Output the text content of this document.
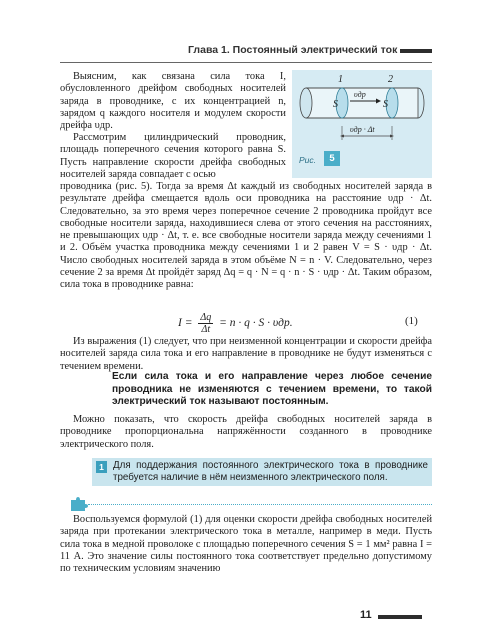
Глава 1. Постоянный электрический ток
Выясним, как связана сила тока I, обусловленного дрейфом свободных носителей заряда в проводнике, с их концентрацией n, зарядом q каждого носителя и модулем скорости дрейфа υдр.
Рассмотрим цилиндрический проводник, площадь поперечного сечения которого равна S. Пусть направление скорости дрейфа свободных носителей заряда совпадает с осью
1	2
S	S
υдр
υдр · Δt
Рис.	5
проводника (рис. 5). Тогда за время Δt каждый из свободных носителей заряда в результате дрейфа смещается вдоль оси проводника на расстояние υдр · Δt. Следовательно, за это время через поперечное сечение 2 проводника пройдут все свободные носители заряда, находившиеся слева от этого сечения на расстояниях, не превышающих υдр · Δt, т. е. все свободные носители заряда между сечениями 1 и 2. Объём участка проводника между сечениями 1 и 2 равен V = S · υдр · Δt. Число свободных носителей заряда в этом объёме N = n · V. Следовательно, через сечение 2 за время Δt пройдёт заряд Δq = q · N = q · n · S · υдр · Δt. Таким образом, сила тока в проводнике равна:
$I = \frac{\Delta q}{\Delta t} = n \cdot q \cdot S \cdot \upsilon др$.	(1)
Из выражения (1) следует, что при неизменной концентрации и скорости дрейфа носителей заряда сила тока и его направление в проводнике не будут изменяться с течением времени.
Если сила тока и его направление через любое сечение проводника не изменяются с течением времени, то такой электрический ток называют постоянным.
Можно показать, что скорость дрейфа свободных носителей заряда в проводнике пропорциональна напряжённости созданного в проводнике электрического поля.
1 Для поддержания постоянного электрического тока в проводнике требуется наличие в нём неизменного электрического поля.
Воспользуемся формулой (1) для оценки скорости дрейфа свободных носителей заряда при протекании электрического тока в металле, например в меди. Пусть сила тока в медной проволоке с площадью поперечного сечения S = 1 мм² равна I = 11 А. Это значение силы постоянного тока соответствует предельно допустимому по техническим условиям значению
11
